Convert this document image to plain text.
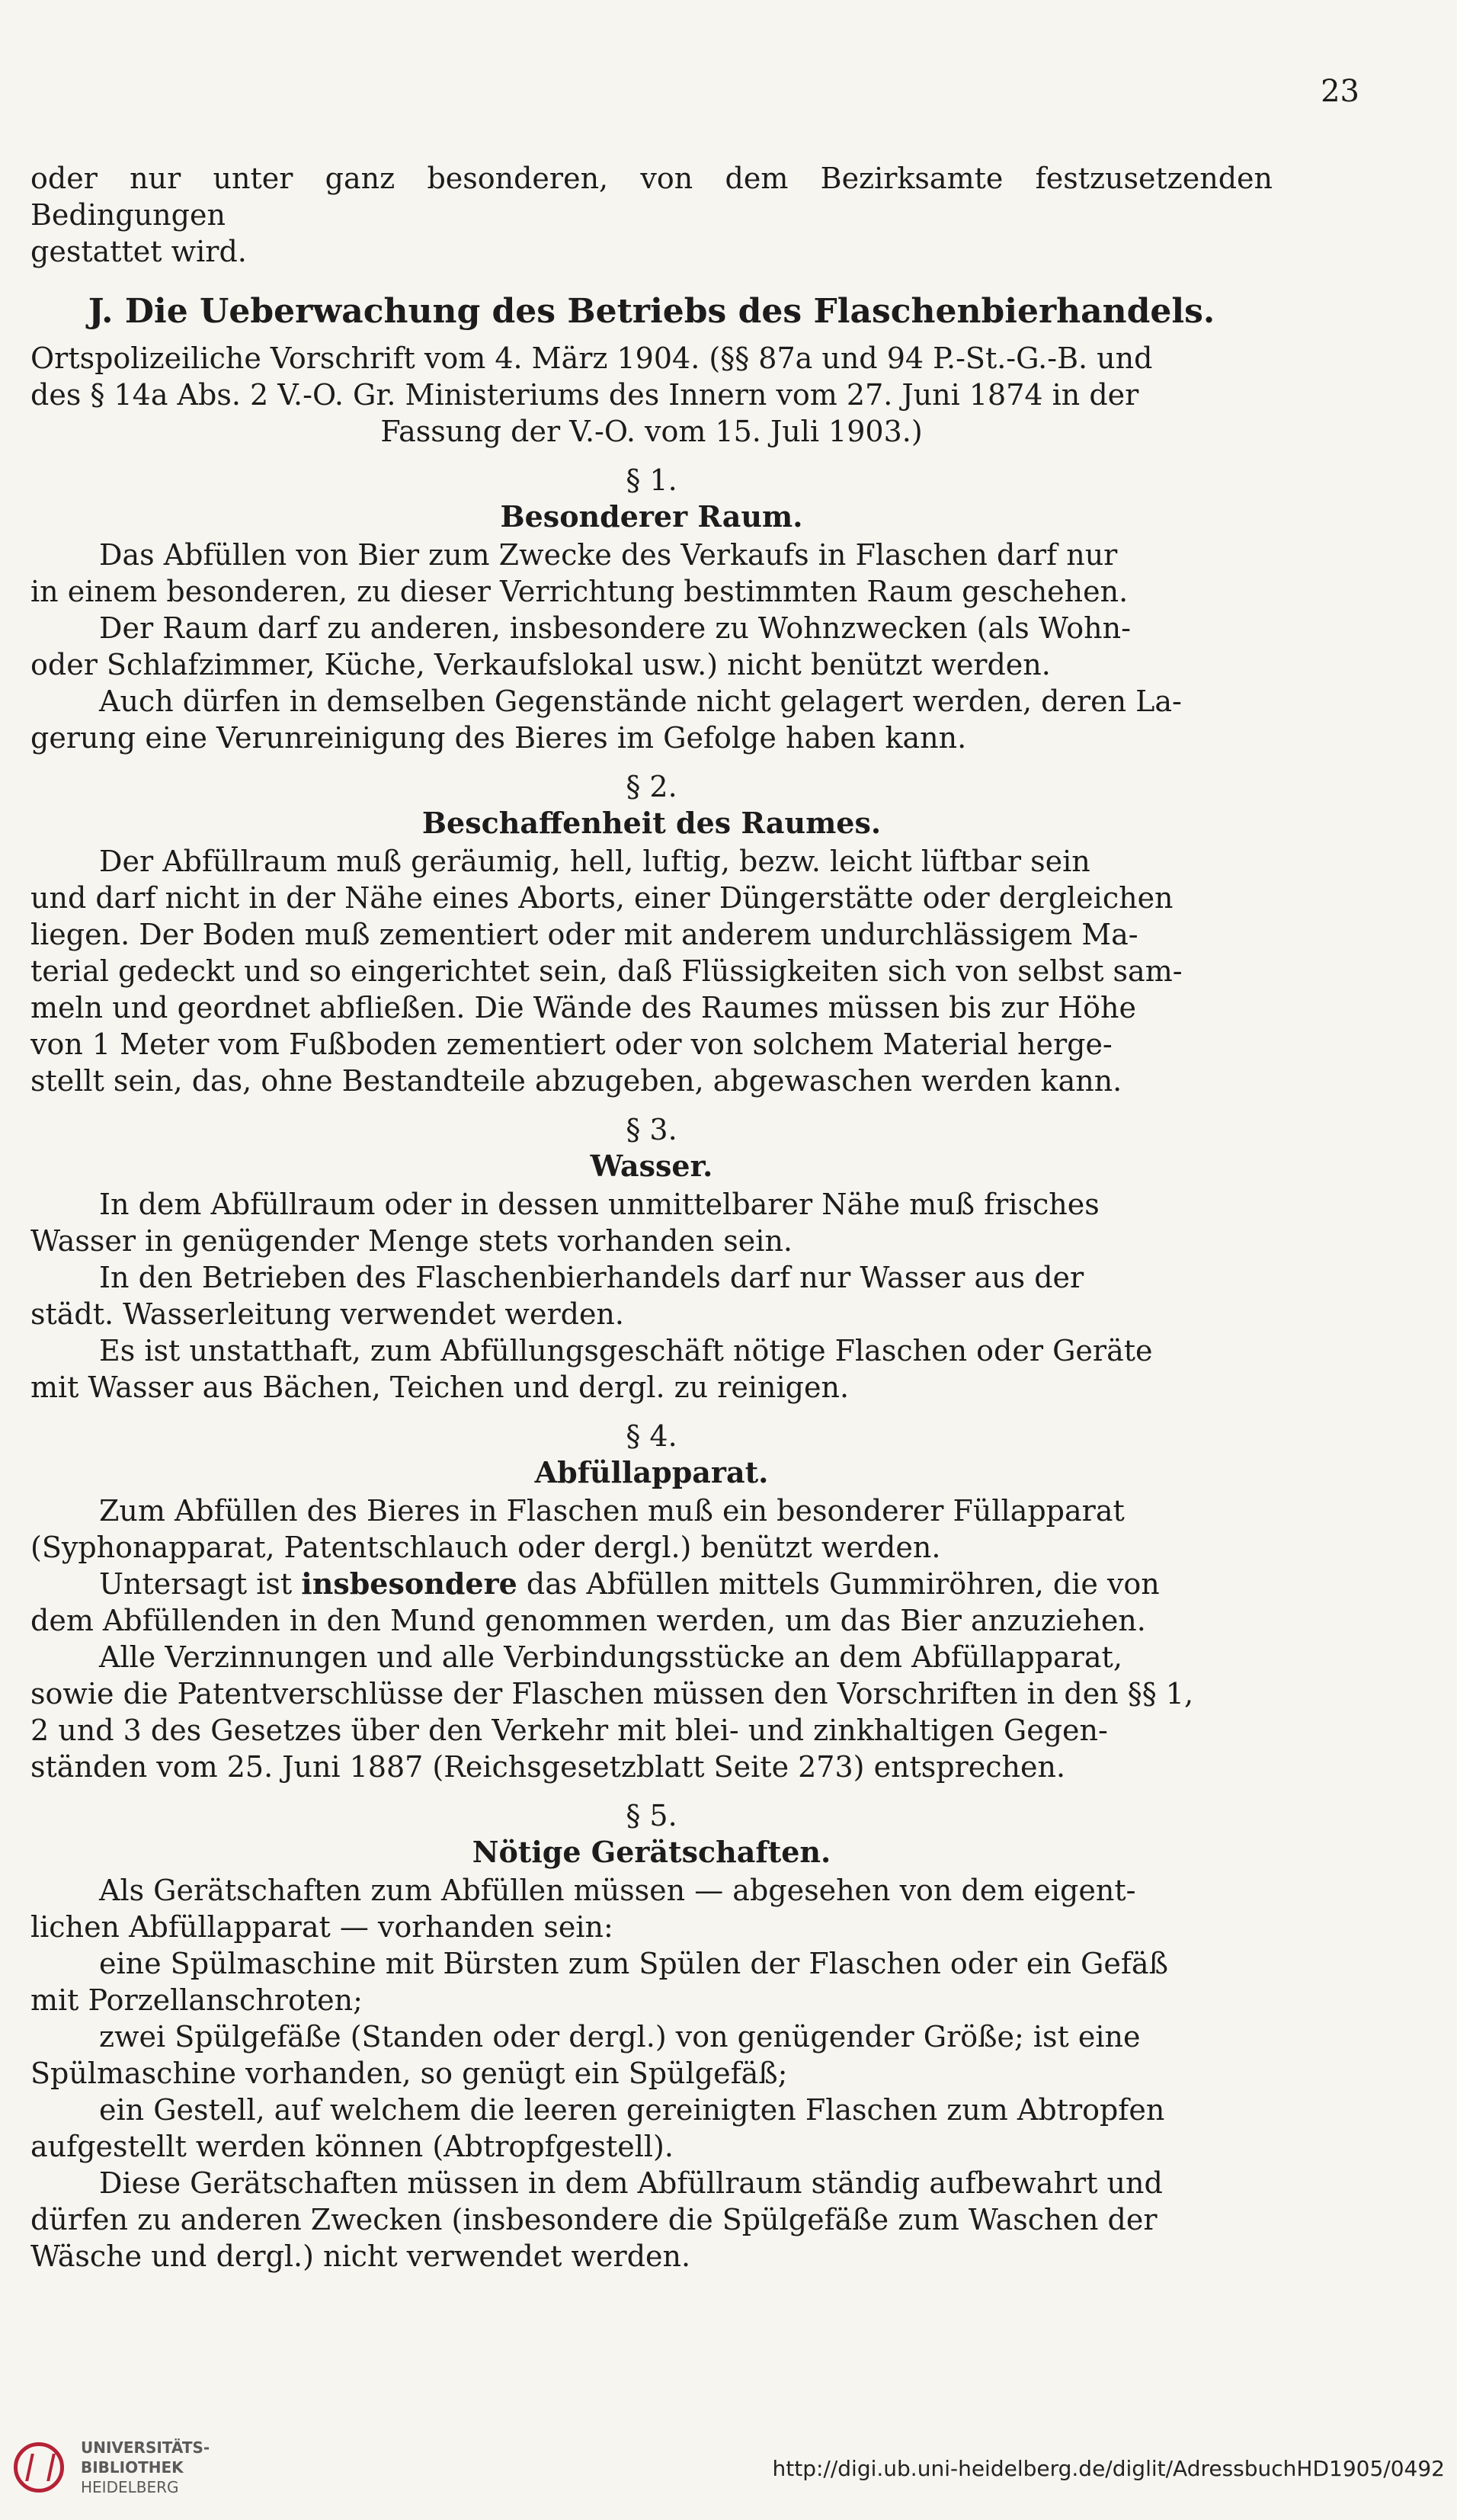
23

oder nur unter ganz besonderen, von dem Bezirksamte festzusetzenden Bedingungen

gestattet wird.

J. Die Ueberwachung des Betriebs des Flaschenbierhandels.

Ortspolizeiliche Vorschrift vom 4. März 1904. (§§ 87a und 94 P.-St.-G.-B. und

des § 14a Abs. 2 V.-O. Gr. Ministeriums des Innern vom 27. Juni 1874 in der

Fassung der V.-O. vom 15. Juli 1903.)

§ 1.

Besonderer Raum.

Das Abfüllen von Bier zum Zwecke des Verkaufs in Flaschen darf nur

in einem besonderen, zu dieser Verrichtung bestimmten Raum geschehen.

Der Raum darf zu anderen, insbesondere zu Wohnzwecken (als Wohn-

oder Schlafzimmer, Küche, Verkaufslokal usw.) nicht benützt werden.

Auch dürfen in demselben Gegenstände nicht gelagert werden, deren La-

gerung eine Verunreinigung des Bieres im Gefolge haben kann.

§ 2.

Beschaffenheit des Raumes.

Der Abfüllraum muß geräumig, hell, luftig, bezw. leicht lüftbar sein

und darf nicht in der Nähe eines Aborts, einer Düngerstätte oder dergleichen

liegen. Der Boden muß zementiert oder mit anderem undurchlässigem Ma-

terial gedeckt und so eingerichtet sein, daß Flüssigkeiten sich von selbst sam-

meln und geordnet abfließen. Die Wände des Raumes müssen bis zur Höhe

von 1 Meter vom Fußboden zementiert oder von solchem Material herge-

stellt sein, das, ohne Bestandteile abzugeben, abgewaschen werden kann.

§ 3.

Wasser.

In dem Abfüllraum oder in dessen unmittelbarer Nähe muß frisches

Wasser in genügender Menge stets vorhanden sein.

In den Betrieben des Flaschenbierhandels darf nur Wasser aus der

städt. Wasserleitung verwendet werden.

Es ist unstatthaft, zum Abfüllungsgeschäft nötige Flaschen oder Geräte

mit Wasser aus Bächen, Teichen und dergl. zu reinigen.

§ 4.

Abfüllapparat.

Zum Abfüllen des Bieres in Flaschen muß ein besonderer Füllapparat

(Syphonapparat, Patentschlauch oder dergl.) benützt werden.

Untersagt ist insbesondere das Abfüllen mittels Gummiröhren, die von

dem Abfüllenden in den Mund genommen werden, um das Bier anzuziehen.

Alle Verzinnungen und alle Verbindungsstücke an dem Abfüllapparat,

sowie die Patentverschlüsse der Flaschen müssen den Vorschriften in den §§ 1,

2 und 3 des Gesetzes über den Verkehr mit blei- und zinkhaltigen Gegen-

ständen vom 25. Juni 1887 (Reichsgesetzblatt Seite 273) entsprechen.

§ 5.

Nötige Gerätschaften.

Als Gerätschaften zum Abfüllen müssen — abgesehen von dem eigent-

lichen Abfüllapparat — vorhanden sein:

eine Spülmaschine mit Bürsten zum Spülen der Flaschen oder ein Gefäß

mit Porzellanschroten;

zwei Spülgefäße (Standen oder dergl.) von genügender Größe; ist eine

Spülmaschine vorhanden, so genügt ein Spülgefäß;

ein Gestell, auf welchem die leeren gereinigten Flaschen zum Abtropfen

aufgestellt werden können (Abtropfgestell).

Diese Gerätschaften müssen in dem Abfüllraum ständig aufbewahrt und

dürfen zu anderen Zwecken (insbesondere die Spülgefäße zum Waschen der

Wäsche und dergl.) nicht verwendet werden.

UNIVERSITÄTS-
BIBLIOTHEK
HEIDELBERG
http://digi.ub.uni-heidelberg.de/diglit/AdressbuchHD1905/0492
